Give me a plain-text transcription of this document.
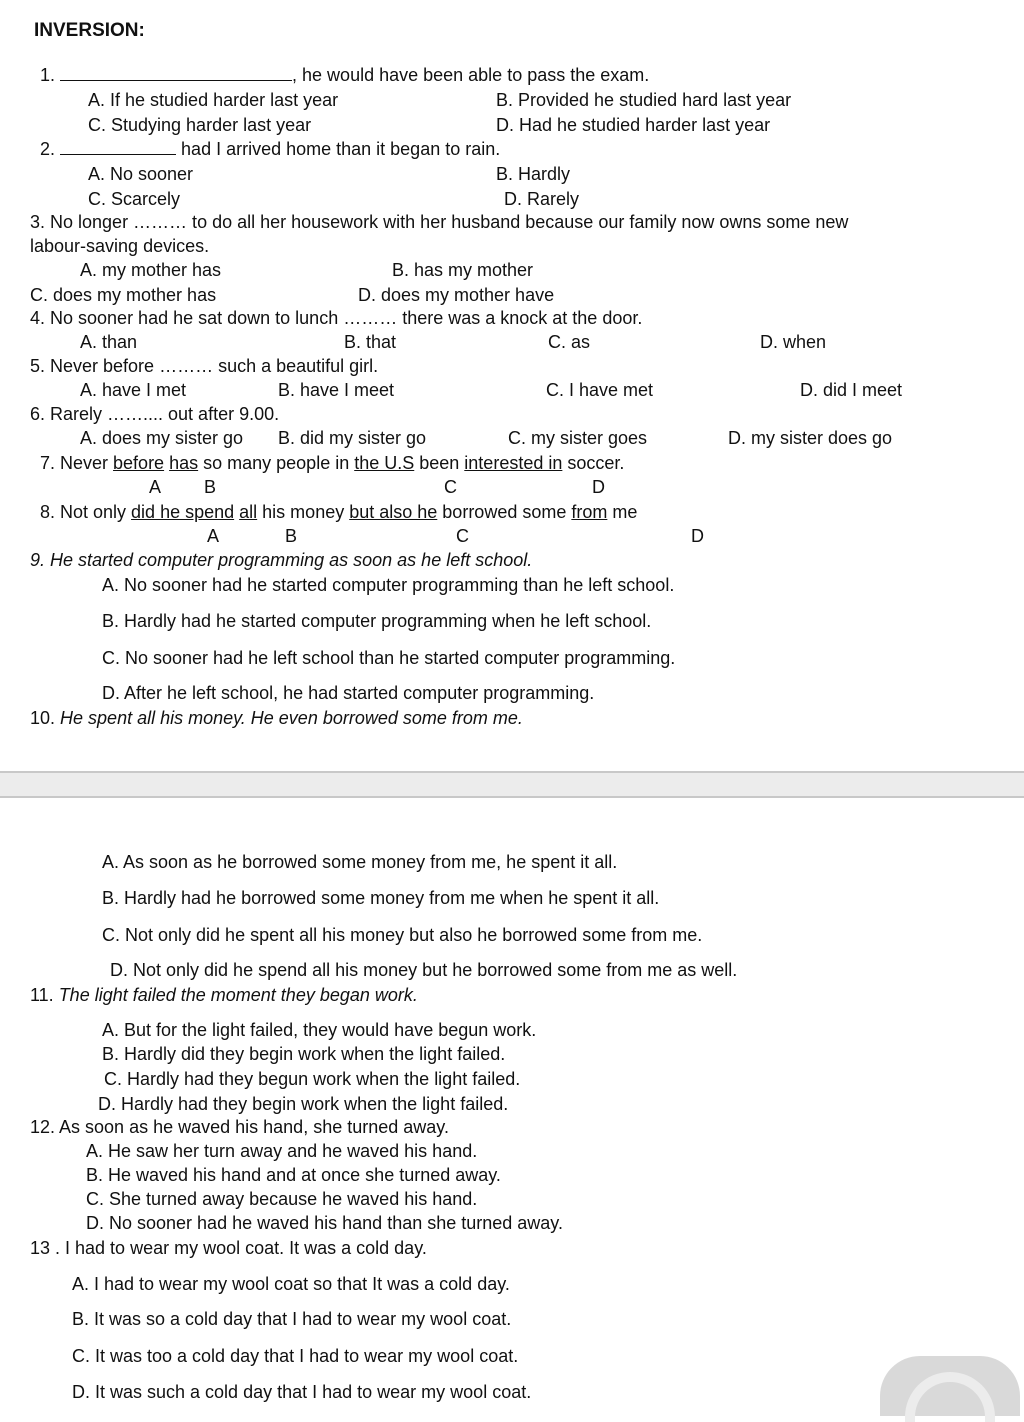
INVERSION:
1.	, he would have been able to pass the exam.
A. If he studied harder last year	B. Provided he studied hard last year
C. Studying harder last year	D. Had he studied harder last year
2.	had I arrived home than it began to rain.
A. No sooner	B. Hardly
C. Scarcely	D. Rarely
3. No longer ……… to do all her housework with her husband because our family now owns some new
labour-saving devices.
A. my mother has	B. has my mother
C. does my mother has	D. does my mother have
4. No sooner had he sat down to lunch ……… there was a knock at the door.
A. than	B. that	C. as	D. when
5. Never before ……… such a beautiful girl.
A. have I met	B. have I meet	C. I have met	D. did I meet
6. Rarely …….... out after 9.00.
A. does my sister go B. did my sister go	C. my sister goes	D. my sister does go
7. Never before has so many people in the U.S been interested in soccer.
A B	C	D
8. Not only did he spend all his money but also he borrowed some from me
A	B	C	D
9. He started computer programming as soon as he left school.
A. No sooner had he started computer programming than he left school.
B. Hardly had he started computer programming when he left school.
C. No sooner had he left school than he started computer programming.
D. After he left school, he had started computer programming.
10. He spent all his money. He even borrowed some from me.
A. As soon as he borrowed some money from me, he spent it all.
B. Hardly had he borrowed some money from me when he spent it all.
C. Not only did he spent all his money but also he borrowed some from me.
D. Not only did he spend all his money but he borrowed some from me as well.
11. The light failed the moment they began work.
A. But for the light failed, they would have begun work.
B. Hardly did they begin work when the light failed.
C. Hardly had they begun work when the light failed.
D. Hardly had they begin work when the light failed.
12. As soon as he waved his hand, she turned away.
A. He saw her turn away and he waved his hand.
B. He waved his hand and at once she turned away.
C. She turned away because he waved his hand.
D. No sooner had he waved his hand than she turned away.
13 . I had to wear my wool coat. It was a cold day.
A. I had to wear my wool coat so that It was a cold day.
B. It was so a cold day that I had to wear my wool coat.
C. It was too a cold day that I had to wear my wool coat.
D. It was such a cold day that I had to wear my wool coat.
